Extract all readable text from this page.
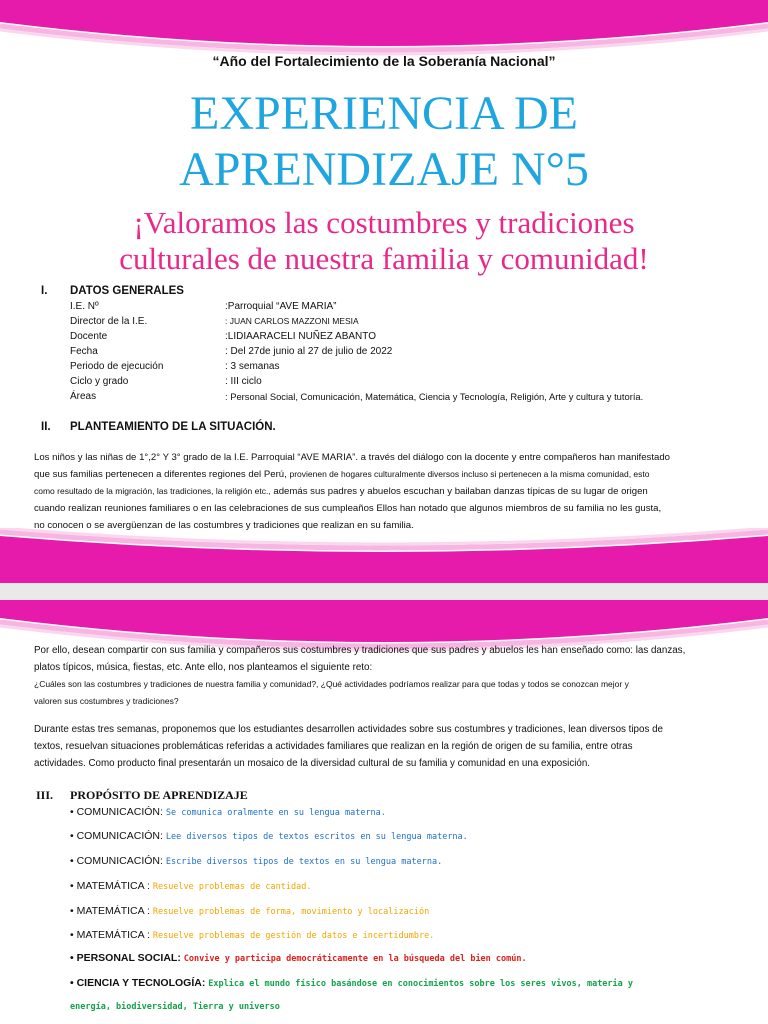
“Año del Fortalecimiento de la Soberanía Nacional”
EXPERIENCIA DE
APRENDIZAJE N°5
¡Valoramos las costumbres y tradiciones
culturales de nuestra familia y comunidad!
I. DATOS GENERALES
I.E. Nº	:Parroquial “AVE MARIA”
Director de la I.E.	: JUAN CARLOS MAZZONI MESIA
Docente	:LIDIAARACELI NUÑEZ ABANTO
Fecha	: Del 27de junio al 27 de julio de 2022
Periodo de ejecución	: 3 semanas
Ciclo y grado	: III ciclo
Áreas	: Personal Social, Comunicación, Matemática, Ciencia y Tecnología, Religión, Arte y cultura y tutoría.
II. PLANTEAMIENTO DE LA SITUACIÓN.
Los niños y las niñas de 1°,2° Y 3° grado de la I.E. Parroquial “AVE MARIA”. a través del diálogo con la docente y entre compañeros han manifestado
que sus familias pertenecen a diferentes regiones del Perú, provienen de hogares culturalmente diversos incluso si pertenecen a la misma comunidad, esto
como resultado de la migración, las tradiciones, la religión etc., además sus padres y abuelos escuchan y bailaban danzas típicas de su lugar de origen
cuando realizan reuniones familiares o en las celebraciones de sus cumpleaños Ellos han notado que algunos miembros de su familia no les gusta,
no conocen o se avergüenzan de las costumbres y tradiciones que realizan en su familia.
Por ello, desean compartir con sus familia y compañeros sus costumbres y tradiciones que sus padres y abuelos les han enseñado como: las danzas,
platos típicos, música, fiestas, etc. Ante ello, nos planteamos el siguiente reto:
¿Cuáles son las costumbres y tradiciones de nuestra familia y comunidad?, ¿Qué actividades podríamos realizar para que todas y todos se conozcan mejor y
valoren sus costumbres y tradiciones?
Durante estas tres semanas, proponemos que los estudiantes desarrollen actividades sobre sus costumbres y tradiciones, lean diversos tipos de
textos, resuelvan situaciones problemáticas referidas a actividades familiares que realizan en la región de origen de su familia, entre otras
actividades. Como producto final presentarán un mosaico de la diversidad cultural de su familia y comunidad en una exposición.
III. PROPÓSITO DE APRENDIZAJE
• COMUNICACIÓN: Se comunica oralmente en su lengua materna.
• COMUNICACIÓN: Lee diversos tipos de textos escritos en su lengua materna.
• COMUNICACIÓN: Escribe diversos tipos de textos en su lengua materna.
• MATEMÁTICA : Resuelve problemas de cantidad.
• MATEMÁTICA : Resuelve problemas de forma, movimiento y localización
• MATEMÁTICA : Resuelve problemas de gestión de datos e incertidumbre.
• PERSONAL SOCIAL: Convive y participa democráticamente en la búsqueda del bien común.
• CIENCIA Y TECNOLOGÍA: Explica el mundo físico basándose en conocimientos sobre los seres vivos, materia y
energía, biodiversidad, Tierra y universo
